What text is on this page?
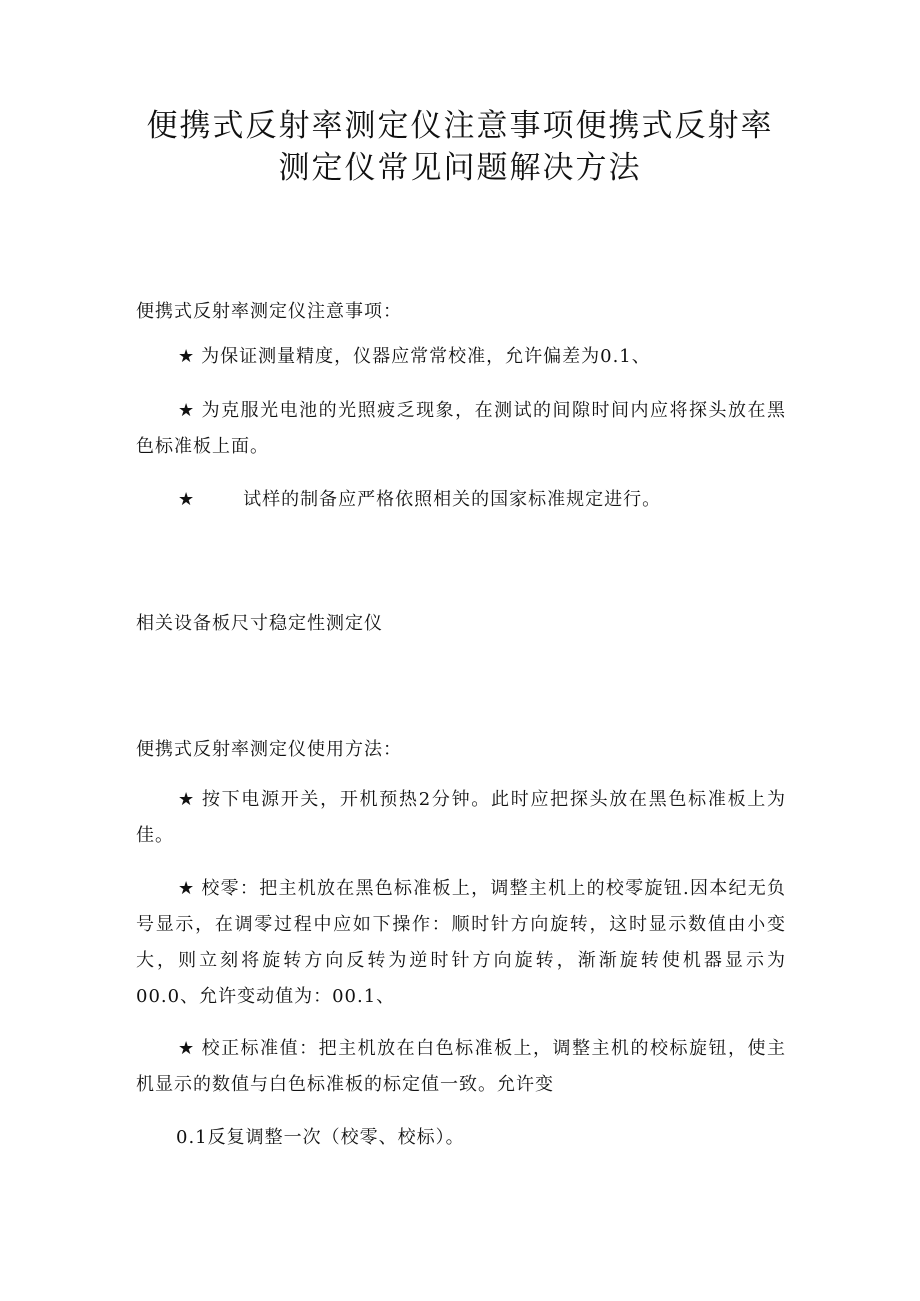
便携式反射率测定仪注意事项便携式反射率
测定仪常见问题解决方法

便携式反射率测定仪注意事项：

★ 为保证测量精度，仪器应常常校准，允许偏差为0.1、
★ 为克服光电池的光照疲乏现象，在测试的间隙时间内应将探头放在黑色标准板上面。
★	试样的制备应严格依照相关的国家标准规定进行。

相关设备板尺寸稳定性测定仪

便携式反射率测定仪使用方法：

★ 按下电源开关，开机预热2分钟。此时应把探头放在黑色标准板上为佳。
★ 校零：把主机放在黑色标准板上，调整主机上的校零旋钮.因本纪无负号显示，在调零过程中应如下操作：顺时针方向旋转，这时显示数值由小变大，则立刻将旋转方向反转为逆时针方向旋转，渐渐旋转使机器显示为00.0、允许变动值为：00.1、
★ 校正标准值：把主机放在白色标准板上，调整主机的校标旋钮，使主机显示的数值与白色标准板的标定值一致。允许变

0.1反复调整一次（校零、校标）。
